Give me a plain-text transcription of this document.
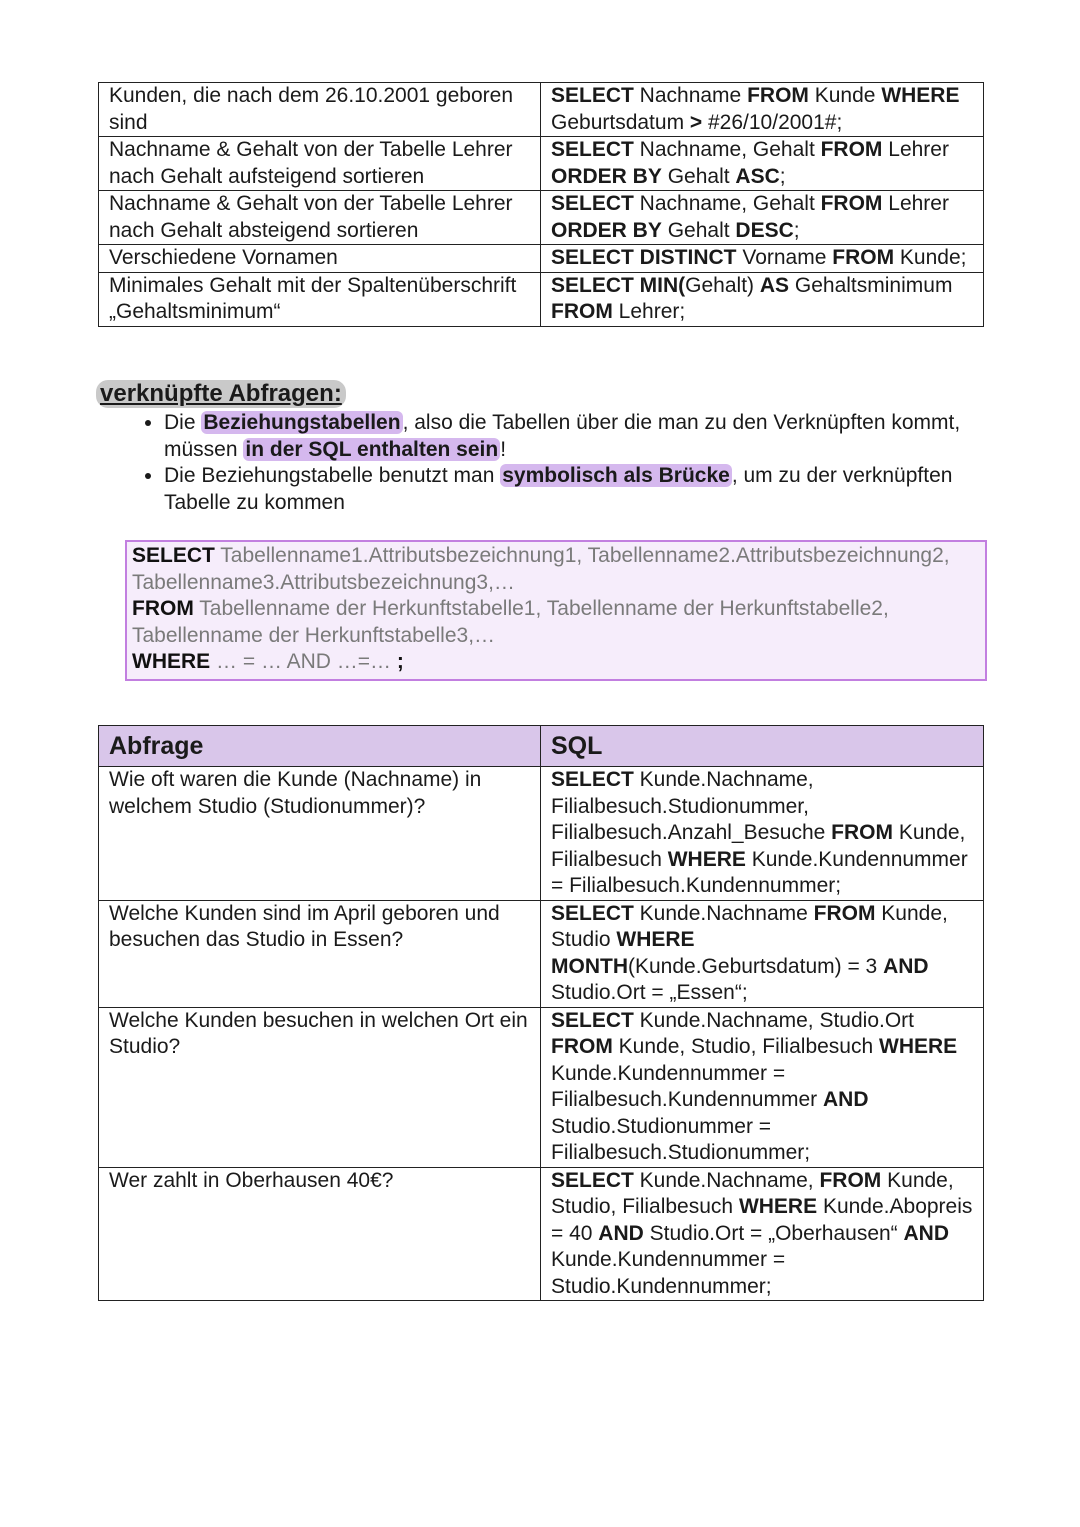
Kunden, die nach dem 26.10.2001 geboren sind	SELECT Nachname FROM Kunde WHERE Geburtsdatum > #26/10/2001#;
Nachname & Gehalt von der Tabelle Lehrer nach Gehalt aufsteigend sortieren	SELECT Nachname, Gehalt FROM Lehrer ORDER BY Gehalt ASC;
Nachname & Gehalt von der Tabelle Lehrer nach Gehalt absteigend sortieren	SELECT Nachname, Gehalt FROM Lehrer ORDER BY Gehalt DESC;
Verschiedene Vornamen	SELECT DISTINCT Vorname FROM Kunde;
Minimales Gehalt mit der Spaltenüberschrift „Gehaltsminimum“	SELECT MIN(Gehalt) AS Gehaltsminimum FROM Lehrer;
verknüpfte Abfragen:
• Die Beziehungstabellen, also die Tabellen über die man zu den Verknüpften kommt, müssen in der SQL enthalten sein!
• Die Beziehungstabelle benutzt man symbolisch als Brücke, um zu der verknüpften Tabelle zu kommen
SELECT Tabellenname1.Attributsbezeichnung1, Tabellenname2.Attributsbezeichnung2, Tabellenname3.Attributsbezeichnung3,…
FROM Tabellenname der Herkunftstabelle1, Tabellenname der Herkunftstabelle2, Tabellenname der Herkunftstabelle3,…
WHERE … = … AND …=… ;
Abfrage	SQL
Wie oft waren die Kunde (Nachname) in welchem Studio (Studionummer)?	SELECT Kunde.Nachname, Filialbesuch.Studionummer, Filialbesuch.Anzahl_Besuche FROM Kunde, Filialbesuch WHERE Kunde.Kundennummer = Filialbesuch.Kundennummer;
Welche Kunden sind im April geboren und besuchen das Studio in Essen?	SELECT Kunde.Nachname FROM Kunde, Studio WHERE MONTH(Kunde.Geburtsdatum) = 3 AND Studio.Ort = „Essen“;
Welche Kunden besuchen in welchen Ort ein Studio?	SELECT Kunde.Nachname, Studio.Ort FROM Kunde, Studio, Filialbesuch WHERE Kunde.Kundennummer = Filialbesuch.Kundennummer AND Studio.Studionummer = Filialbesuch.Studionummer;
Wer zahlt in Oberhausen 40€?	SELECT Kunde.Nachname, FROM Kunde, Studio, Filialbesuch WHERE Kunde.Abopreis = 40 AND Studio.Ort = „Oberhausen“ AND Kunde.Kundennummer = Studio.Kundennummer;
